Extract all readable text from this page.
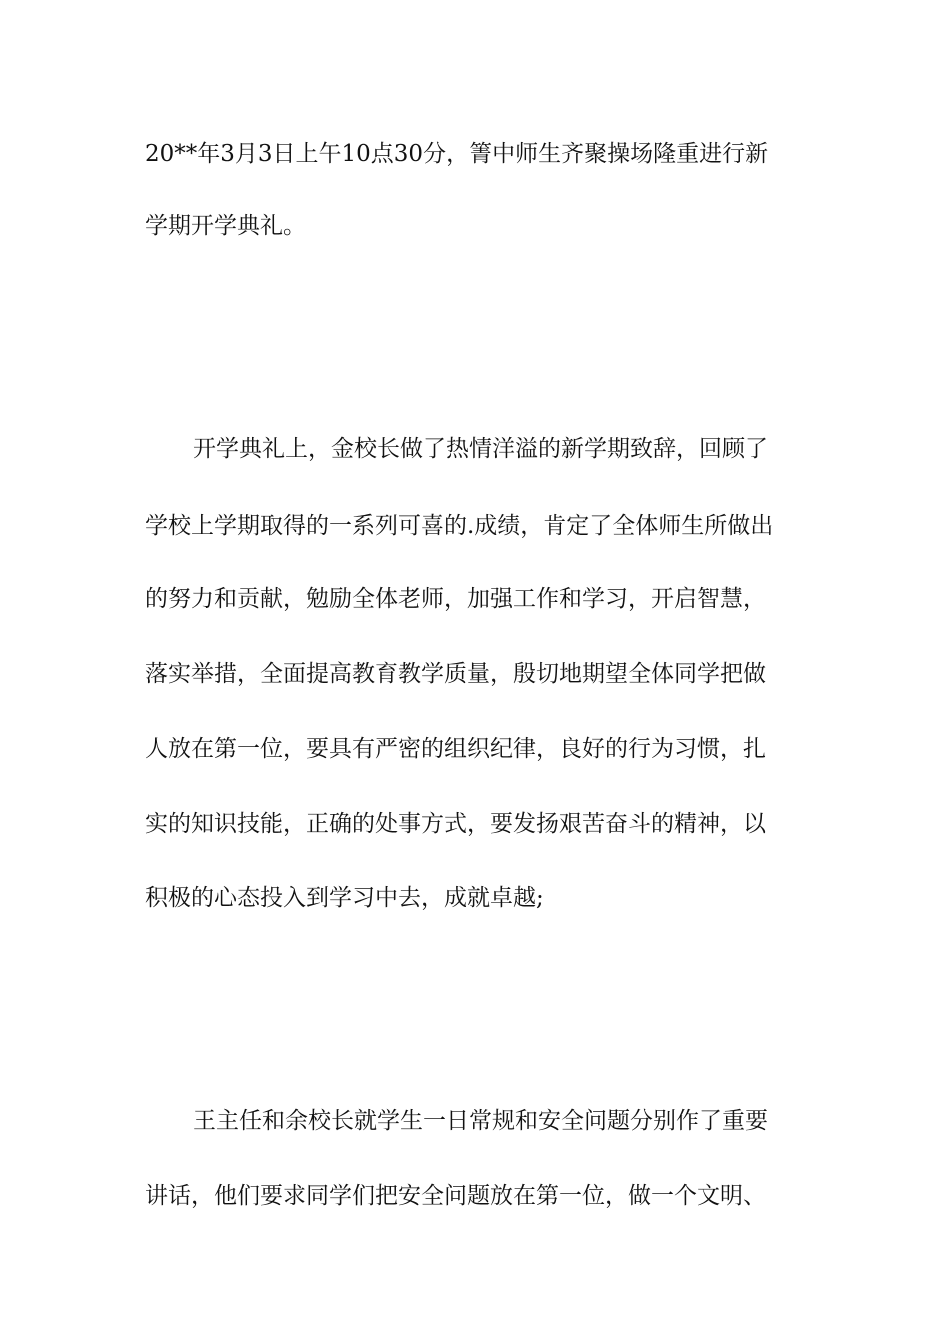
20**年3月3日上午10点30分，箐中师生齐聚操场隆重进行新
学期开学典礼。
开学典礼上，金校长做了热情洋溢的新学期致辞，回顾了
学校上学期取得的一系列可喜的.成绩，肯定了全体师生所做出
的努力和贡献，勉励全体老师，加强工作和学习，开启智慧，
落实举措，全面提高教育教学质量，殷切地期望全体同学把做
人放在第一位，要具有严密的组织纪律，良好的行为习惯，扎
实的知识技能，正确的处事方式，要发扬艰苦奋斗的精神，以
积极的心态投入到学习中去，成就卓越;
王主任和余校长就学生一日常规和安全问题分别作了重要
讲话，他们要求同学们把安全问题放在第一位，做一个文明、
